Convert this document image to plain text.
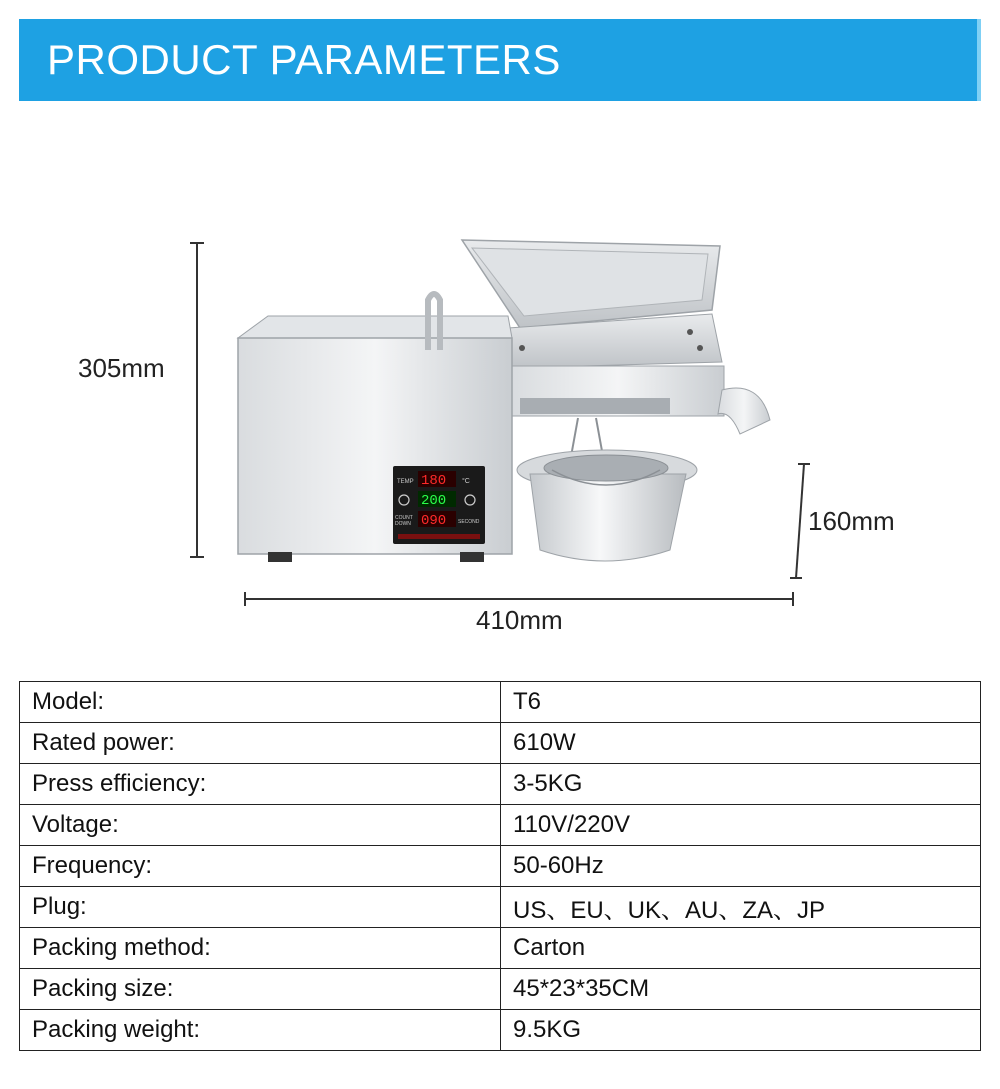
PRODUCT PARAMETERS
TEMP 180 °C
200
COUNT
DOWN 090 SECOND
305mm
160mm
410mm
Model:	T6
Rated power:	610W
Press efficiency:	3-5KG
Voltage:	110V/220V
Frequency:	50-60Hz
Plug:	US、EU、UK、AU、ZA、JP
Packing method:	Carton
Packing size:	45*23*35CM
Packing weight:	9.5KG
